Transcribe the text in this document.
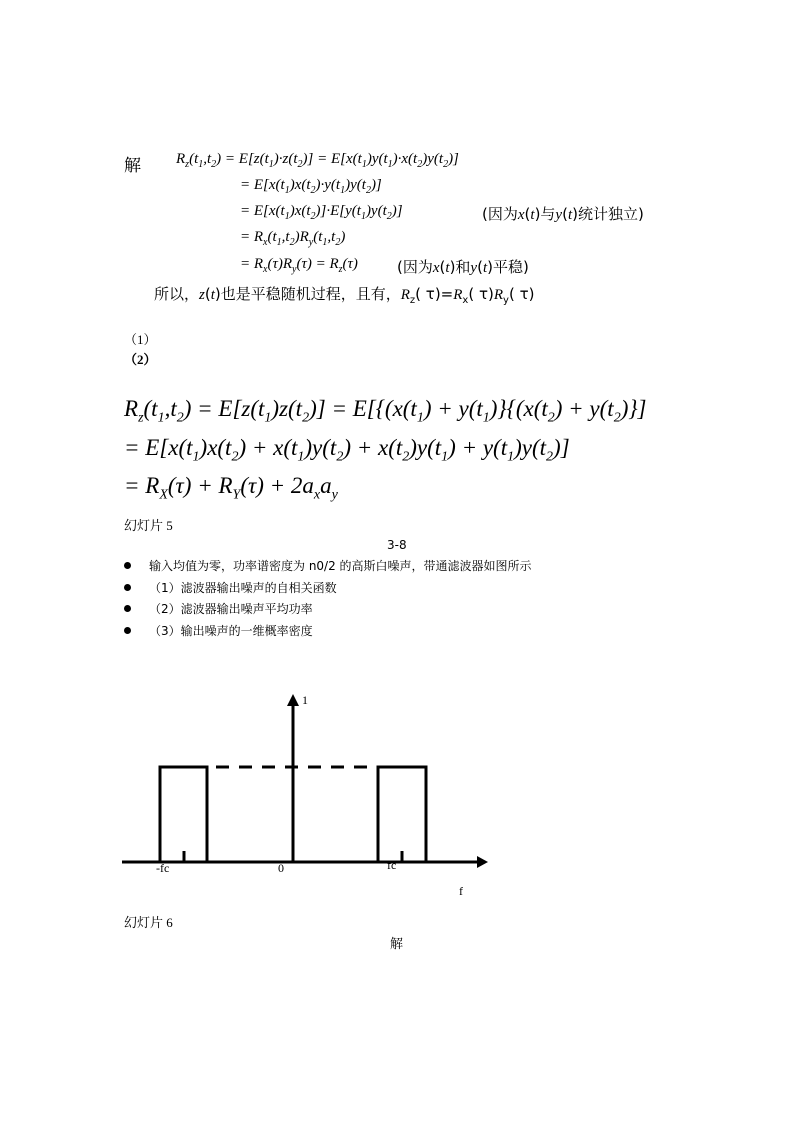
解 $R_z(t_1,t_2) = E[z(t_1)\cdot z(t_2)] = E[x(t_1)y(t_1)\cdot x(t_2)y(t_2)]$
= $E[x(t_1)x(t_2)\cdot y(t_1)y(t_2)]$
= $E[x(t_1)x(t_2)]\cdot E[y(t_1)y(t_2)]$	(因为x(t)与y(t)统计独立)
= $R_x(t_1,t_2)R_y(t_1,t_2)$
= $R_x(\tau)R_y(\tau) = R_z(\tau)$	(因为x(t)和y(t)平稳)
所以，z(t)也是平稳随机过程，且有，$R_z$( $\tau)=R_x$( $\tau)R_y$( τ)
（1）
（2）
$R_z(t_1,t_2) = E[z(t_1)z(t_2)] = E[\{(x(t_1) + y(t_1)\}\{(x(t_2) + y(t_2)\}]$
= $E[x(t_1)x(t_2) + x(t_1)y(t_2) + x(t_2)y(t_1) + y(t_1)y(t_2)]$
= $R_X(\tau) + R_Y(\tau) + 2a_xa_y$
幻灯片 5
3-8
输入均值为零，功率谱密度为 n0/2 的高斯白噪声，带通滤波器如图所示
（1）滤波器输出噪声的自相关函数
（2）滤波器输出噪声平均功率
（3）输出噪声的一维概率密度
1
f
-fc	0	fc
幻灯片 6
解
